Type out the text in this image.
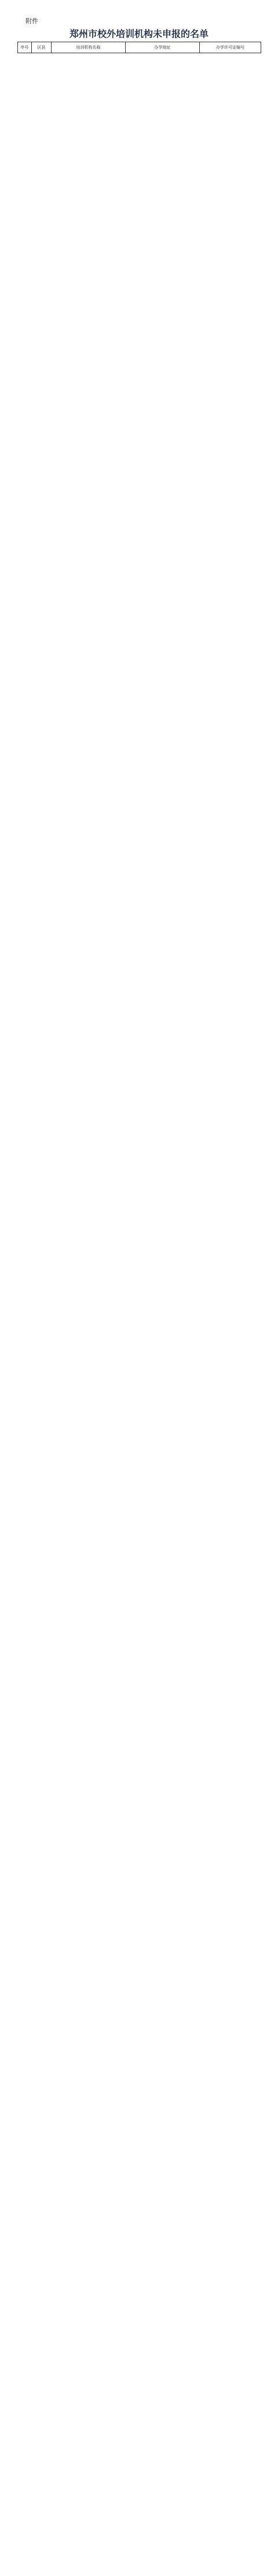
附件
郑州市校外培训机构未申报的名单
序号	区县	培训机构名称	办学地址	办学许可证编号
